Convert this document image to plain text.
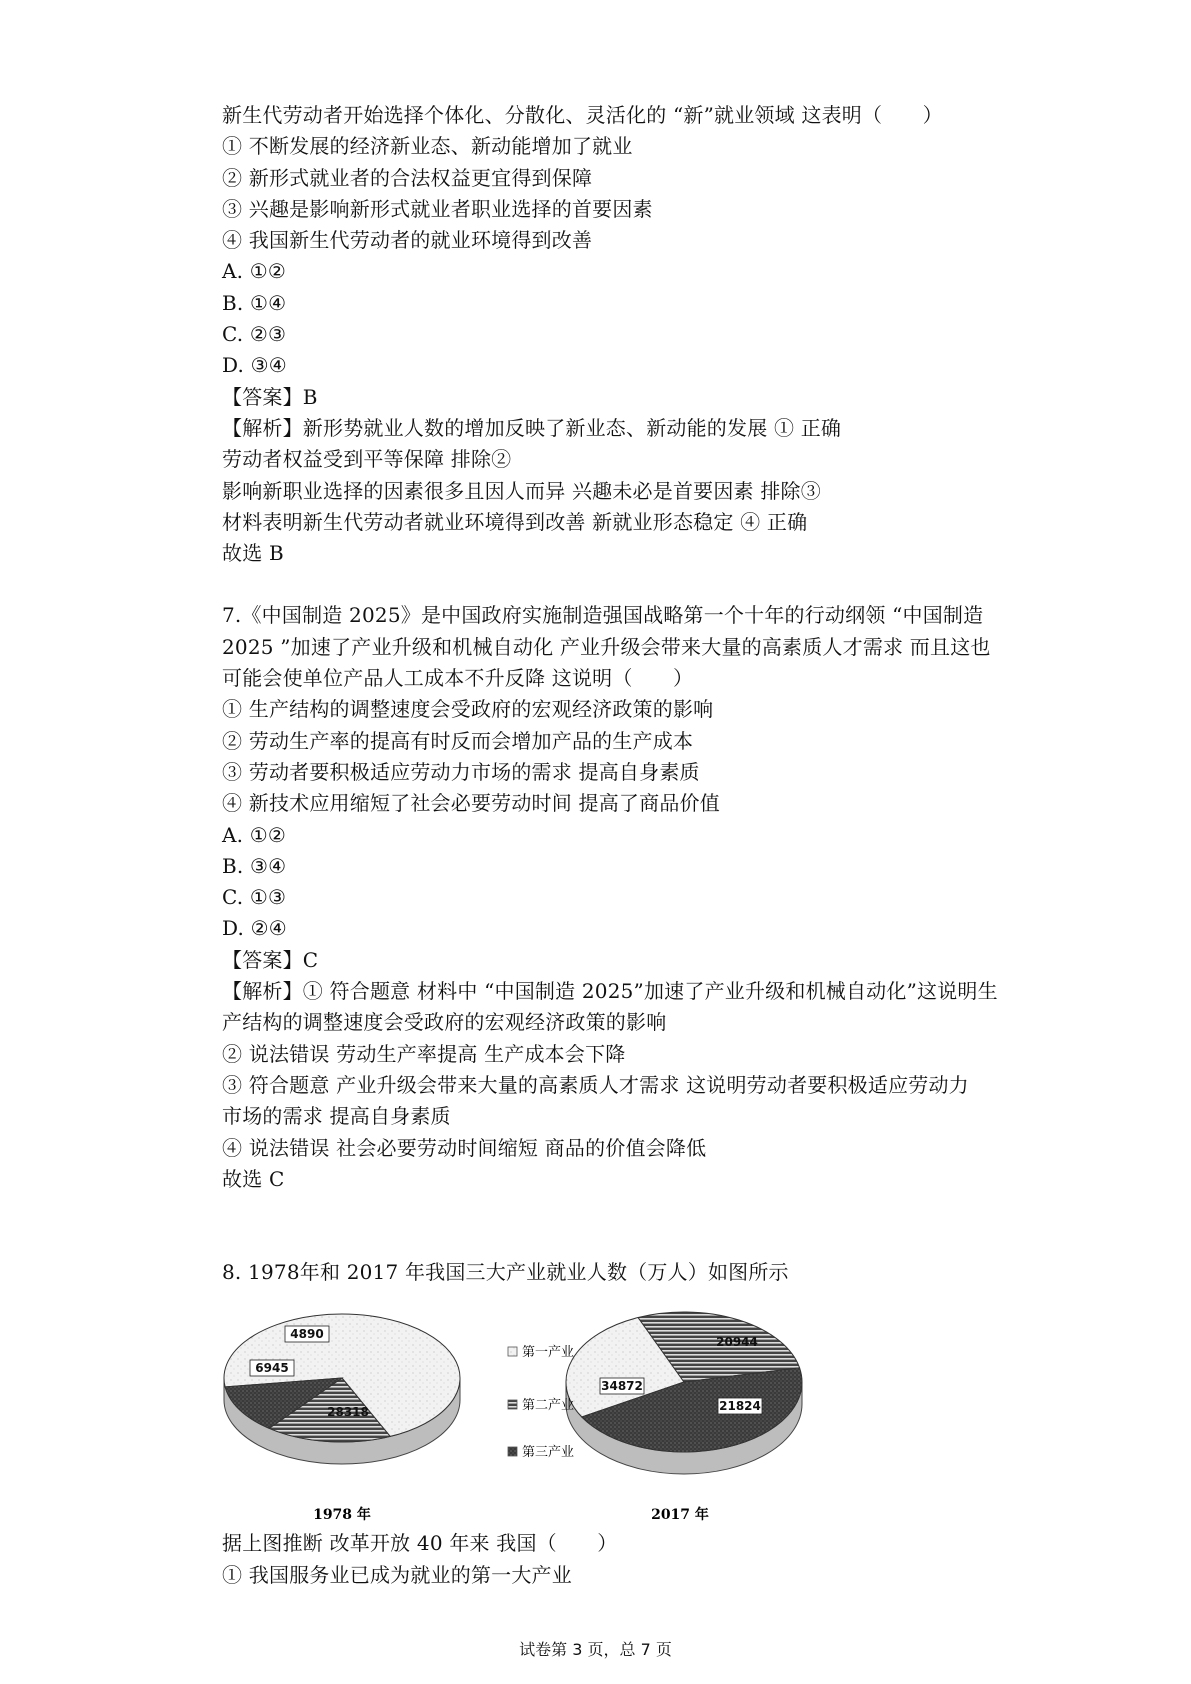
新生代劳动者开始选择个体化、分散化、灵活化的 “新”就业领域 这表明（　　）
① 不断发展的经济新业态、新动能增加了就业
② 新形式就业者的合法权益更宜得到保障
③ 兴趣是影响新形式就业者职业选择的首要因素
④ 我国新生代劳动者的就业环境得到改善
A. ①②
B. ①④
C. ②③
D. ③④
【答案】B
【解析】新形势就业人数的增加反映了新业态、新动能的发展 ① 正确
劳动者权益受到平等保障 排除②
影响新职业选择的因素很多且因人而异 兴趣未必是首要因素 排除③
材料表明新生代劳动者就业环境得到改善 新就业形态稳定 ④ 正确
故选 B
7.《中国制造 2025》是中国政府实施制造强国战略第一个十年的行动纲领 “中国制造
2025 ”加速了产业升级和机械自动化 产业升级会带来大量的高素质人才需求 而且这也
可能会使单位产品人工成本不升反降 这说明（　　）
① 生产结构的调整速度会受政府的宏观经济政策的影响
② 劳动生产率的提高有时反而会增加产品的生产成本
③ 劳动者要积极适应劳动力市场的需求 提高自身素质
④ 新技术应用缩短了社会必要劳动时间 提高了商品价值
A. ①②
B. ③④
C. ①③
D. ②④
【答案】C
【解析】① 符合题意 材料中 “中国制造 2025”加速了产业升级和机械自动化”这说明生
产结构的调整速度会受政府的宏观经济政策的影响
② 说法错误 劳动生产率提高 生产成本会下降
③ 符合题意 产业升级会带来大量的高素质人才需求 这说明劳动者要积极适应劳动力
市场的需求 提高自身素质
④ 说法错误 社会必要劳动时间缩短 商品的价值会降低
故选 C
8. 1978年和 2017 年我国三大产业就业人数（万人）如图所示
28318
6945
4890
20944
21824
34872
第一产业
第二产业
第三产业
1978 年	2017 年
据上图推断 改革开放 40 年来 我国（　　）
① 我国服务业已成为就业的第一大产业
试卷第 3 页，总 7 页
